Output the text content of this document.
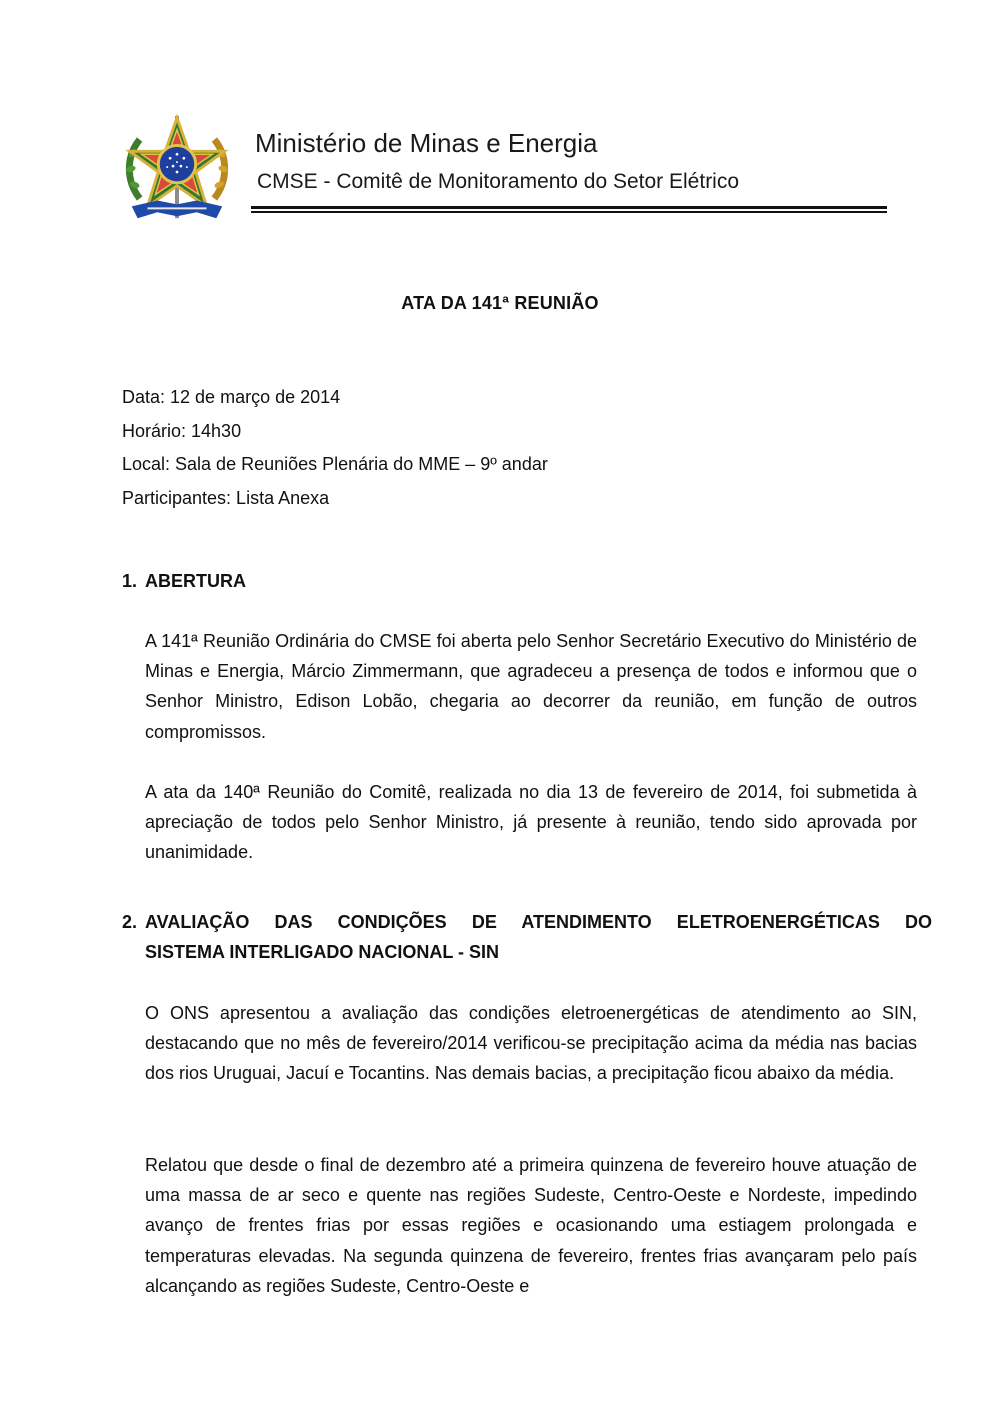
Ministério de Minas e Energia
CMSE - Comitê de Monitoramento do Setor Elétrico
ATA DA 141ª REUNIÃO
Data: 12 de março de 2014
Horário: 14h30
Local: Sala de Reuniões Plenária do MME – 9º andar
Participantes: Lista Anexa
1. ABERTURA
A 141ª Reunião Ordinária do CMSE foi aberta pelo Senhor Secretário Executivo do Ministério de Minas e Energia, Márcio Zimmermann, que agradeceu a presença de todos e informou que o Senhor Ministro, Edison Lobão, chegaria ao decorrer da reunião, em função de outros compromissos.
A ata da 140ª Reunião do Comitê, realizada no dia 13 de fevereiro de 2014, foi submetida à apreciação de todos pelo Senhor Ministro, já presente à reunião, tendo sido aprovada por unanimidade.
2. AVALIAÇÃO DAS CONDIÇÕES DE ATENDIMENTO ELETROENERGÉTICAS DO
SISTEMA INTERLIGADO NACIONAL - SIN
O ONS apresentou a avaliação das condições eletroenergéticas de atendimento ao SIN, destacando que no mês de fevereiro/2014 verificou-se precipitação acima da média nas bacias dos rios Uruguai, Jacuí e Tocantins. Nas demais bacias, a precipitação ficou abaixo da média.
Relatou que desde o final de dezembro até a primeira quinzena de fevereiro houve atuação de uma massa de ar seco e quente nas regiões Sudeste, Centro-Oeste e Nordeste, impedindo avanço de frentes frias por essas regiões e ocasionando uma estiagem prolongada e temperaturas elevadas. Na segunda quinzena de fevereiro, frentes frias avançaram pelo país alcançando as regiões Sudeste, Centro-Oeste e
